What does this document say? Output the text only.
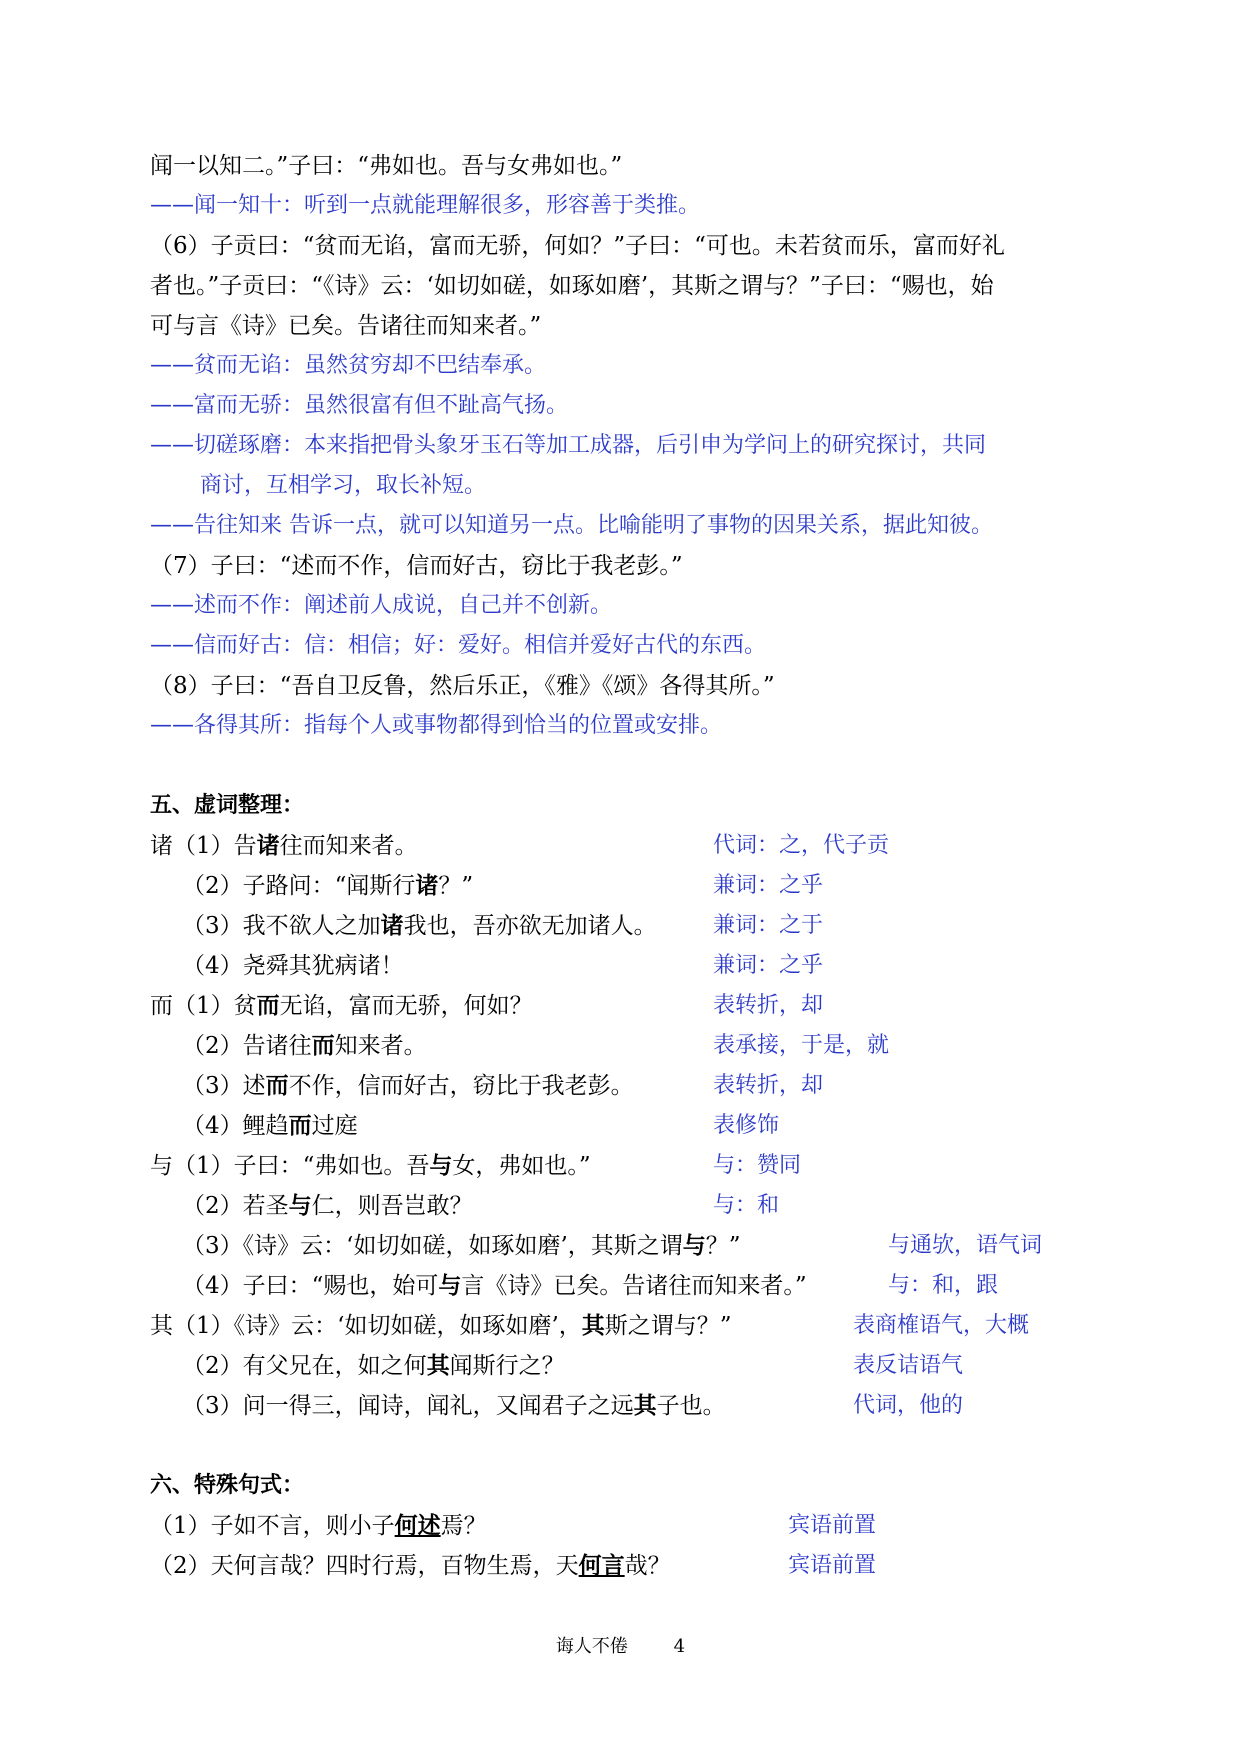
闻一以知二。”子曰：“弗如也。吾与女弗如也。”
——闻一知十：听到一点就能理解很多，形容善于类推。
（6）子贡曰：“贫而无谄，富而无骄，何如？”子曰：“可也。未若贫而乐，富而好礼
者也。”子贡曰：“《诗》云：‘如切如磋，如琢如磨’，其斯之谓与？”子曰：“赐也，始
可与言《诗》已矣。告诸往而知来者。”
——贫而无谄：虽然贫穷却不巴结奉承。
——富而无骄：虽然很富有但不趾高气扬。
——切磋琢磨：本来指把骨头象牙玉石等加工成器，后引申为学问上的研究探讨，共同
商讨，互相学习，取长补短。
——告往知来 告诉一点，就可以知道另一点。比喻能明了事物的因果关系，据此知彼。
（7）子曰：“述而不作，信而好古，窃比于我老彭。”
——述而不作：阐述前人成说，自己并不创新。
——信而好古：信：相信；好：爱好。相信并爱好古代的东西。
（8）子曰：“吾自卫反鲁，然后乐正，《雅》《颂》各得其所。”
——各得其所：指每个人或事物都得到恰当的位置或安排。
五、虚词整理：
诸（1）告诸往而知来者。	代词：之，代子贡
（2）子路问：“闻斯行诸？”	兼词：之乎
（3）我不欲人之加诸我也，吾亦欲无加诸人。	兼词：之于
（4）尧舜其犹病诸！	兼词：之乎
而（1）贫而无谄，富而无骄，何如？	表转折，却
（2）告诸往而知来者。	表承接，于是，就
（3）述而不作，信而好古，窃比于我老彭。	表转折，却
（4）鲤趋而过庭	表修饰
与（1）子曰：“弗如也。吾与女，弗如也。”	与：赞同
（2）若圣与仁，则吾岂敢？	与：和
（3）《诗》云：‘如切如磋，如琢如磨’，其斯之谓与？”	与通欤，语气词
（4）子曰：“赐也，始可与言《诗》已矣。告诸往而知来者。”	与：和，跟
其（1）《诗》云：‘如切如磋，如琢如磨’，其斯之谓与？”	表商榷语气，大概
（2）有父兄在，如之何其闻斯行之？	表反诘语气
（3）问一得三，闻诗，闻礼，又闻君子之远其子也。	代词，他的
六、特殊句式：
（1）子如不言，则小子何述焉？	宾语前置
（2）天何言哉？四时行焉，百物生焉，天何言哉？	宾语前置
诲人不倦	4
